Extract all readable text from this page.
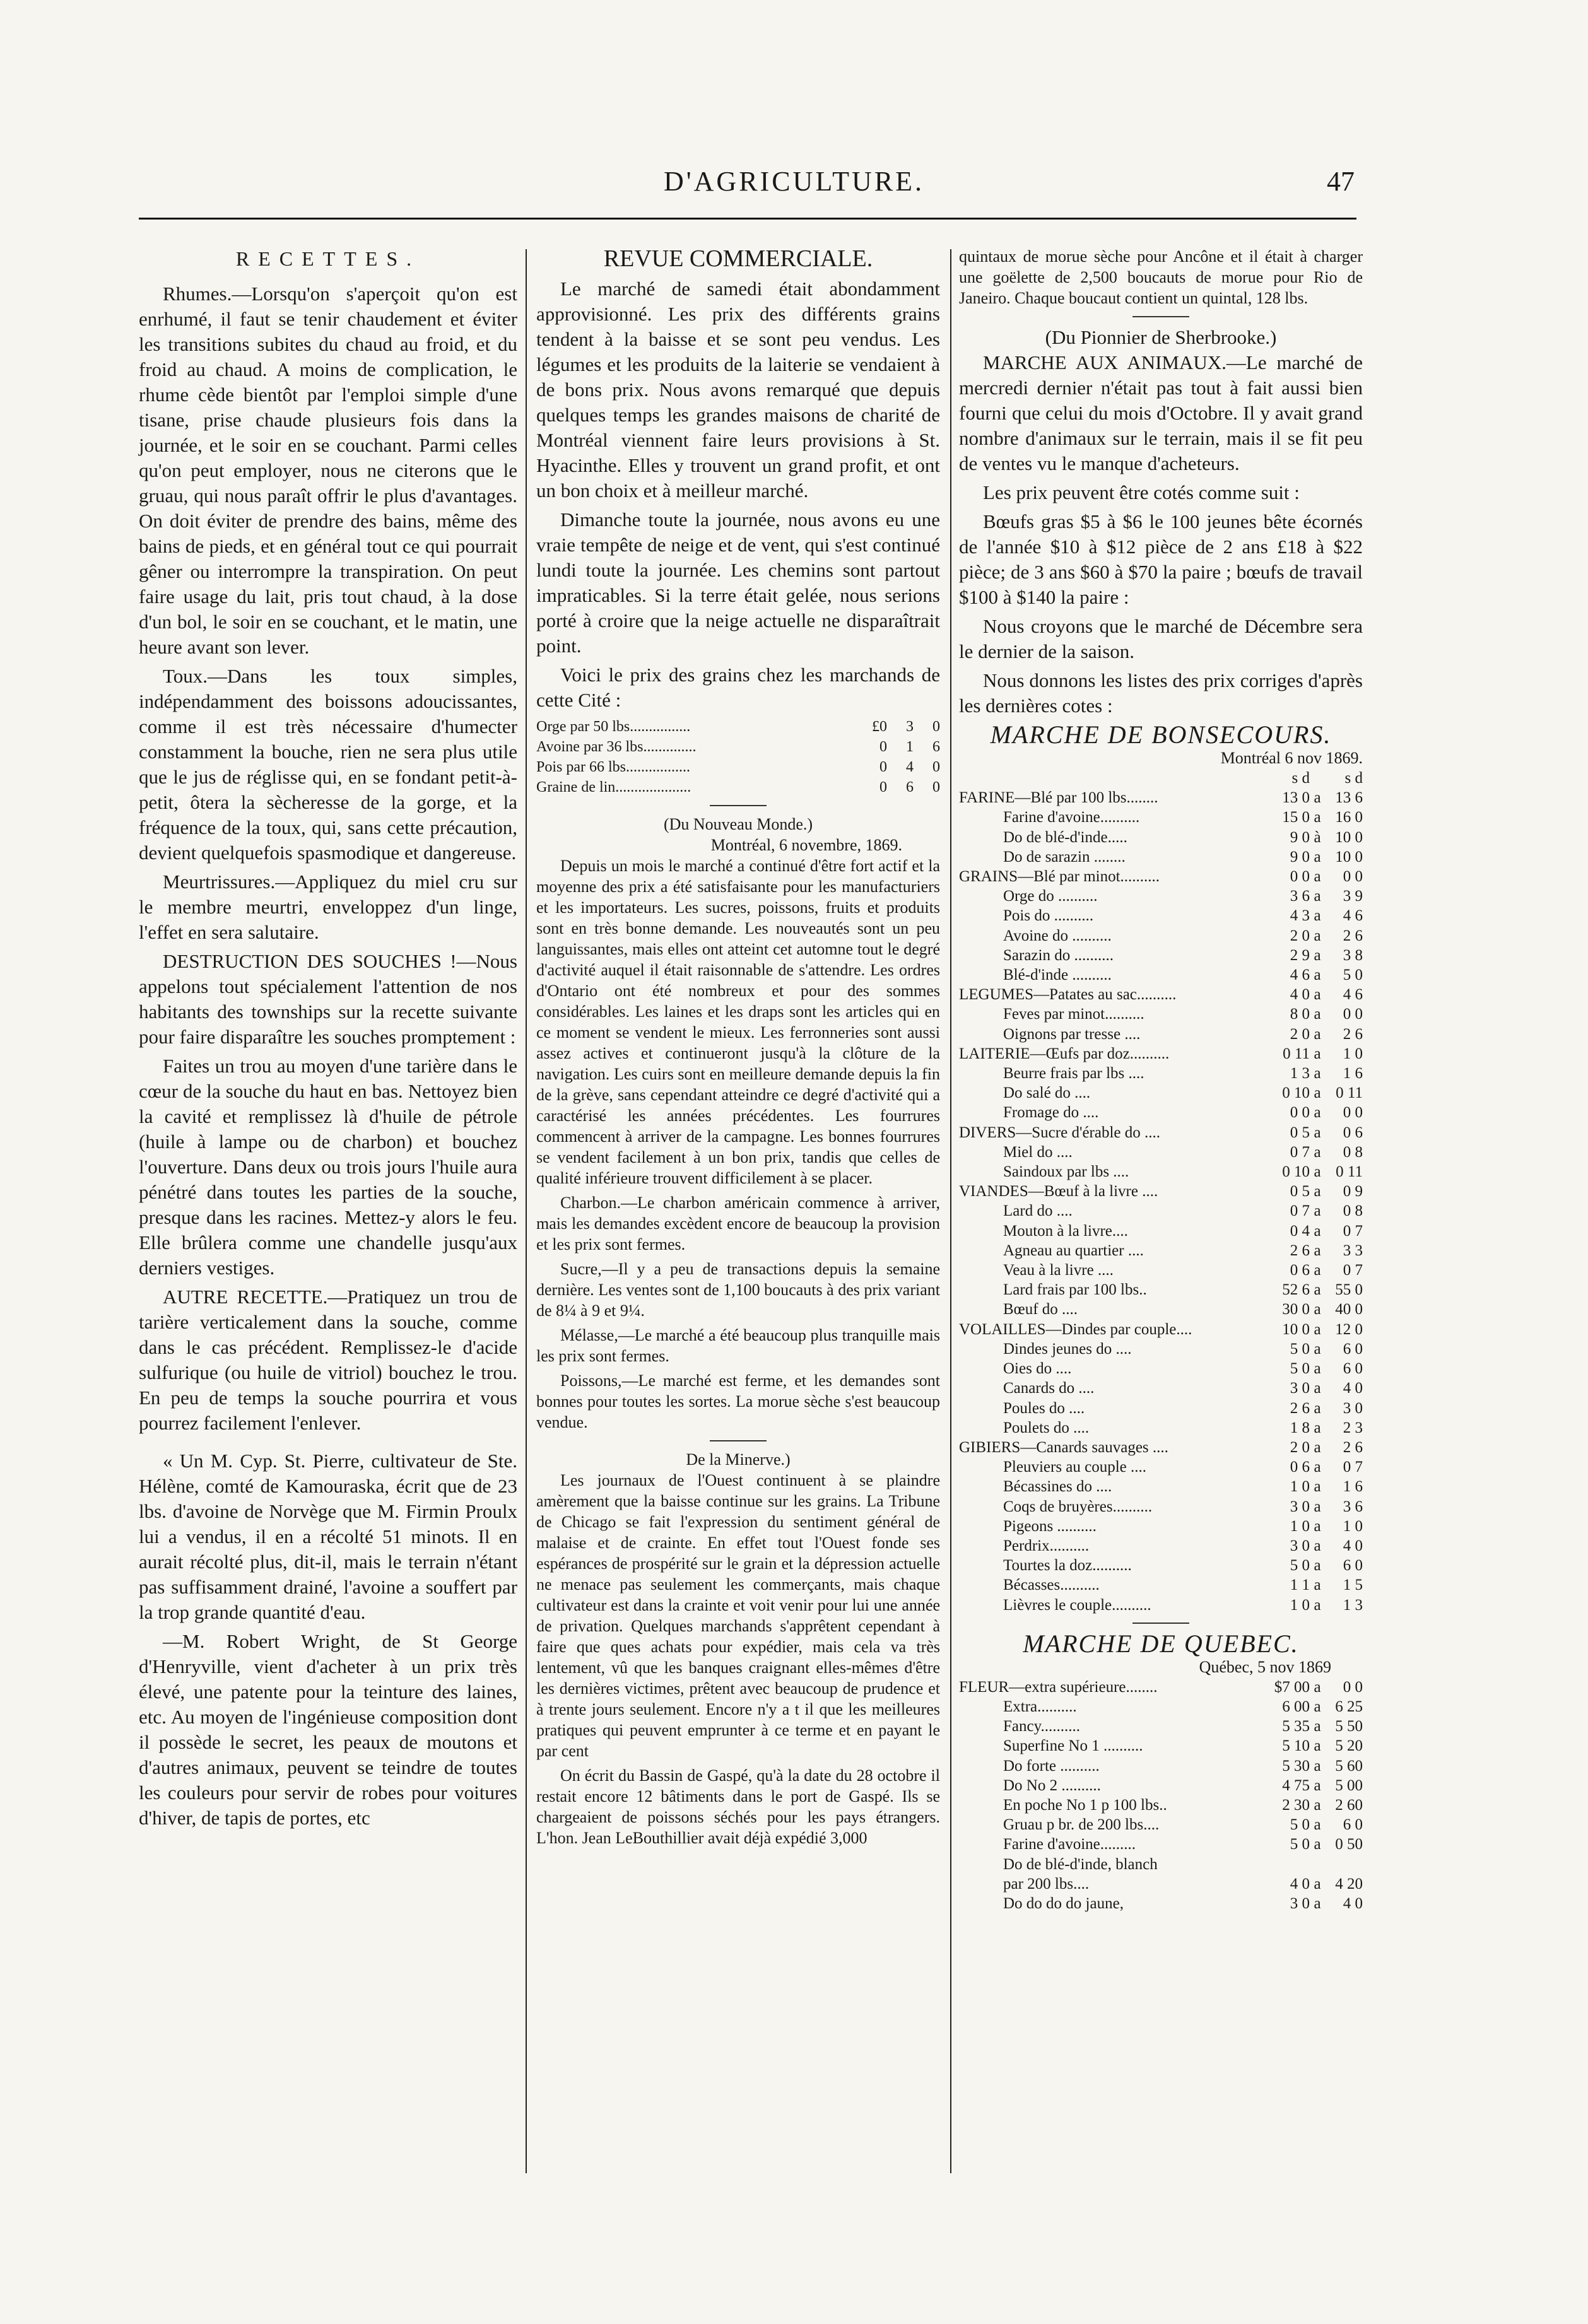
D'AGRICULTURE.	47
RECETTES.

Rhumes.—Lorsqu'on s'aperçoit qu'on est enrhumé, il faut se tenir chaudement et éviter les transitions subites du chaud au froid, et du froid au chaud. A moins de complication, le rhume cède bientôt par l'emploi simple d'une tisane, prise chaude plusieurs fois dans la journée, et le soir en se couchant. Parmi celles qu'on peut employer, nous ne citerons que le gruau, qui nous paraît offrir le plus d'avantages. On doit éviter de prendre des bains, même des bains de pieds, et en général tout ce qui pourrait gêner ou interrompre la transpiration. On peut faire usage du lait, pris tout chaud, à la dose d'un bol, le soir en se couchant, et le matin, une heure avant son lever.

Toux.—Dans les toux simples, indépendamment des boissons adoucissantes, comme il est très nécessaire d'humecter constamment la bouche, rien ne sera plus utile que le jus de réglisse qui, en se fondant petit-à-petit, ôtera la sècheresse de la gorge, et la fréquence de la toux, qui, sans cette précaution, devient quelquefois spasmodique et dangereuse.

Meurtrissures.—Appliquez du miel cru sur le membre meurtri, enveloppez d'un linge, l'effet en sera salutaire.

DESTRUCTION DES SOUCHES !—Nous appelons tout spécialement l'attention de nos habitants des townships sur la recette suivante pour faire disparaître les souches promptement :

Faites un trou au moyen d'une tarière dans le cœur de la souche du haut en bas. Nettoyez bien la cavité et remplissez là d'huile de pétrole (huile à lampe ou de charbon) et bouchez l'ouverture. Dans deux ou trois jours l'huile aura pénétré dans toutes les parties de la souche, presque dans les racines. Mettez-y alors le feu. Elle brûlera comme une chandelle jusqu'aux derniers vestiges.

AUTRE RECETTE.—Pratiquez un trou de tarière verticalement dans la souche, comme dans le cas précédent. Remplissez-le d'acide sulfurique (ou huile de vitriol) bouchez le trou. En peu de temps la souche pourrira et vous pourrez facilement l'enlever.

« Un M. Cyp. St. Pierre, cultivateur de Ste. Hélène, comté de Kamouraska, écrit que de 23 lbs. d'avoine de Norvège que M. Firmin Proulx lui a vendus, il en a récolté 51 minots. Il en aurait récolté plus, dit-il, mais le terrain n'étant pas suffisamment drainé, l'avoine a souffert par la trop grande quantité d'eau.

—M. Robert Wright, de St George d'Henryville, vient d'acheter à un prix très élevé, une patente pour la teinture des laines, etc. Au moyen de l'ingénieuse composition dont il possède le secret, les peaux de moutons et d'autres animaux, peuvent se teindre de toutes les couleurs pour servir de robes pour voitures d'hiver, de tapis de portes, etc

REVUE COMMERCIALE.

Le marché de samedi était abondamment approvisionné. Les prix des différents grains tendent à la baisse et se sont peu vendus. Les légumes et les produits de la laiterie se vendaient à de bons prix. Nous avons remarqué que depuis quelques temps les grandes maisons de charité de Montréal viennent faire leurs provisions à St. Hyacinthe. Elles y trouvent un grand profit, et ont un bon choix et à meilleur marché.

Dimanche toute la journée, nous avons eu une vraie tempête de neige et de vent, qui s'est continué lundi toute la journée. Les chemins sont partout impraticables. Si la terre était gelée, nous serions porté à croire que la neige actuelle ne disparaîtrait point.

Voici le prix des grains chez les marchands de cette Cité :

Orge par 50 lbs................	£0	3	0
Avoine par 36 lbs..............	0	1	6
Pois par 66 lbs.................	0	4	0
Graine de lin....................	0	6	0
(Du Nouveau Monde.)
Montréal, 6 novembre, 1869.

Depuis un mois le marché a continué d'être fort actif et la moyenne des prix a été satisfaisante pour les manufacturiers et les importateurs. Les sucres, poissons, fruits et produits sont en très bonne demande. Les nouveautés sont un peu languissantes, mais elles ont atteint cet automne tout le degré d'activité auquel il était raisonnable de s'attendre. Les ordres d'Ontario ont été nombreux et pour des sommes considérables. Les laines et les draps sont les articles qui en ce moment se vendent le mieux. Les ferronneries sont aussi assez actives et continueront jusqu'à la clôture de la navigation. Les cuirs sont en meilleure demande depuis la fin de la grève, sans cependant atteindre ce degré d'activité qui a caractérisé les années précédentes. Les fourrures commencent à arriver de la campagne. Les bonnes fourrures se vendent facilement à un bon prix, tandis que celles de qualité inférieure trouvent difficilement à se placer.

Charbon.—Le charbon américain commence à arriver, mais les demandes excèdent encore de beaucoup la provision et les prix sont fermes.

Sucre,—Il y a peu de transactions depuis la semaine dernière. Les ventes sont de 1,100 boucauts à des prix variant de 8¼ à 9 et 9¼.

Mélasse,—Le marché a été beaucoup plus tranquille mais les prix sont fermes.

Poissons,—Le marché est ferme, et les demandes sont bonnes pour toutes les sortes. La morue sèche s'est beaucoup vendue.

De la Minerve.)

Les journaux de l'Ouest continuent à se plaindre amèrement que la baisse continue sur les grains. La Tribune de Chicago se fait l'expression du sentiment général de malaise et de crainte. En effet tout l'Ouest fonde ses espérances de prospérité sur le grain et la dépression actuelle ne menace pas seulement les commerçants, mais chaque cultivateur est dans la crainte et voit venir pour lui une année de privation. Quelques marchands s'apprêtent cependant à faire que ques achats pour expédier, mais cela va très lentement, vû que les banques craignant elles-mêmes d'être les dernières victimes, prêtent avec beaucoup de prudence et à trente jours seulement. Encore n'y a t il que les meilleures pratiques qui peuvent emprunter à ce terme et en payant le par cent

On écrit du Bassin de Gaspé, qu'à la date du 28 octobre il restait encore 12 bâtiments dans le port de Gaspé. Ils se chargeaient de poissons séchés pour les pays étrangers. L'hon. Jean LeBouthillier avait déjà expédié 3,000

quintaux de morue sèche pour Ancône et il était à charger une goëlette de 2,500 boucauts de morue pour Rio de Janeiro. Chaque boucaut contient un quintal, 128 lbs.

(Du Pionnier de Sherbrooke.)

MARCHE AUX ANIMAUX.—Le marché de mercredi dernier n'était pas tout à fait aussi bien fourni que celui du mois d'Octobre. Il y avait grand nombre d'animaux sur le terrain, mais il se fit peu de ventes vu le manque d'acheteurs.

Les prix peuvent être cotés comme suit :

Bœufs gras $5 à $6 le 100 jeunes bête écornés de l'année $10 à $12 pièce de 2 ans £18 à $22 pièce; de 3 ans $60 à $70 la paire ; bœufs de travail $100 à $140 la paire :

Nous croyons que le marché de Décembre sera le dernier de la saison.

Nous donnons les listes des prix corriges d'après les dernières cotes :

MARCHE DE BONSECOURS.
Montréal 6 nov 1869.
	s d		s d
FARINE—Blé par 100 lbs........	13 0	a	13 6
Farine d'avoine..........	15 0	a	16 0
Do de blé-d'inde.....	9 0	à	10 0
Do de sarazin ........	9 0	a	10 0
GRAINS—Blé par minot..........	0 0	a	0 0
Orge do ..........	3 6	a	3 9
Pois do ..........	4 3	a	4 6
Avoine do ..........	2 0	a	2 6
Sarazin do ..........	2 9	a	3 8
Blé-d'inde ..........	4 6	a	5 0
LEGUMES—Patates au sac..........	4 0	a	4 6
Feves par minot..........	8 0	a	0 0
Oignons par tresse ....	2 0	a	2 6
LAITERIE—Œufs par doz..........	0 11	a	1 0
Beurre frais par lbs ....	1 3	a	1 6
Do salé do ....	0 10	a	0 11
Fromage do ....	0 0	a	0 0
DIVERS—Sucre d'érable do ....	0 5	a	0 6
Miel do ....	0 7	a	0 8
Saindoux par lbs ....	0 10	a	0 11
VIANDES—Bœuf à la livre ....	0 5	a	0 9
Lard do ....	0 7	a	0 8
Mouton à la livre....	0 4	a	0 7
Agneau au quartier ....	2 6	a	3 3
Veau à la livre ....	0 6	a	0 7
Lard frais par 100 lbs..	52 6	a	55 0
Bœuf do ....	30 0	a	40 0
VOLAILLES—Dindes par couple....	10 0	a	12 0
Dindes jeunes do ....	5 0	a	6 0
Oies do ....	5 0	a	6 0
Canards do ....	3 0	a	4 0
Poules do ....	2 6	a	3 0
Poulets do ....	1 8	a	2 3
GIBIERS—Canards sauvages ....	2 0	a	2 6
Pleuviers au couple ....	0 6	a	0 7
Bécassines do ....	1 0	a	1 6
Coqs de bruyères..........	3 0	a	3 6
Pigeons ..........	1 0	a	1 0
Perdrix..........	3 0	a	4 0
Tourtes la doz..........	5 0	a	6 0
Bécasses..........	1 1	a	1 5
Lièvres le couple..........	1 0	a	1 3
MARCHE DE QUEBEC.
Québec, 5 nov 1869
FLEUR—extra supérieure........	$7 00	a	0 0
Extra..........	6 00	a	6 25
Fancy..........	5 35	a	5 50
Superfine No 1 ..........	5 10	a	5 20
Do forte ..........	5 30	a	5 60
Do No 2 ..........	4 75	a	5 00
En poche No 1 p 100 lbs..	2 30	a	2 60
Gruau p br. de 200 lbs....	5 0	a	6 0
Farine d'avoine.........	5 0	a	0 50
Do de blé-d'inde, blanch			
par 200 lbs....	4 0	a	4 20
Do do do do jaune,	3 0	a	4 0
